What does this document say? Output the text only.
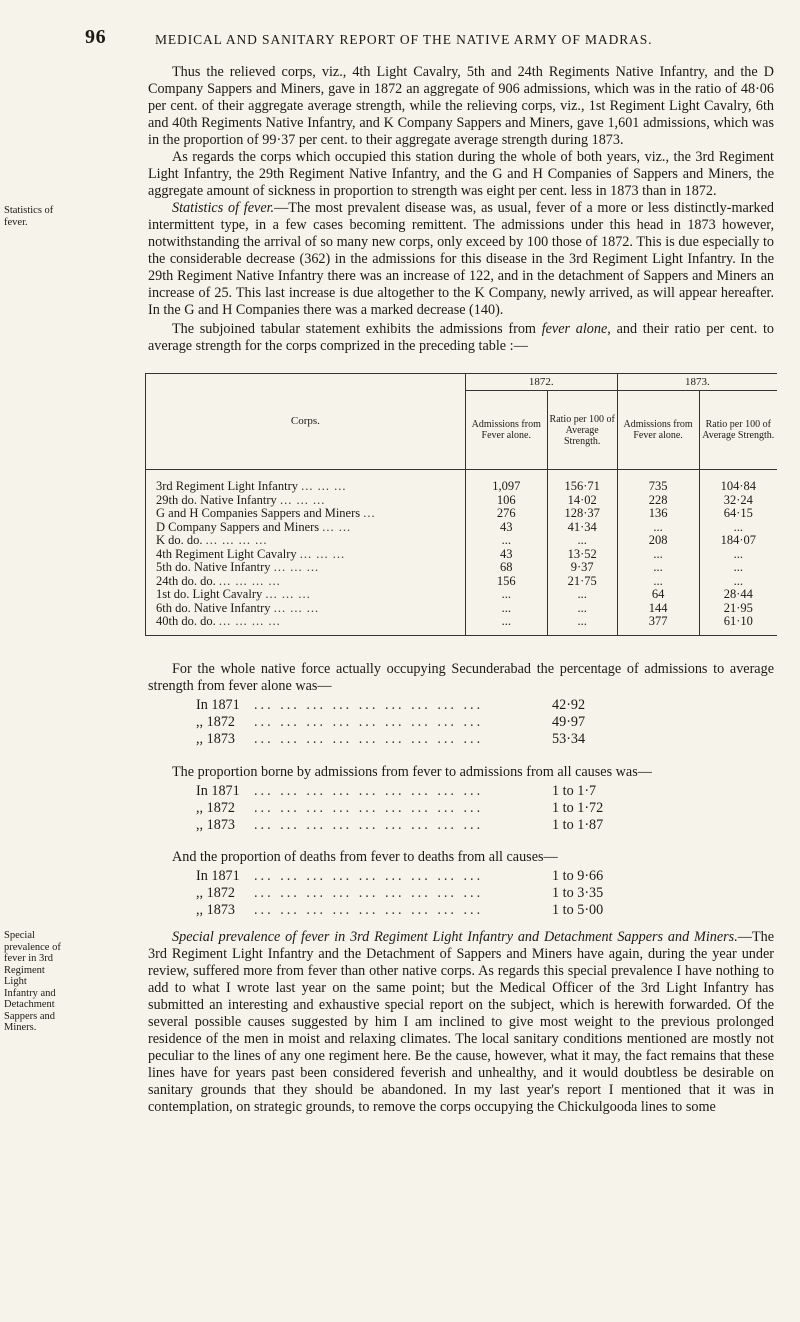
96	MEDICAL AND SANITARY REPORT OF THE NATIVE ARMY OF MADRAS.

Thus the relieved corps, viz., 4th Light Cavalry, 5th and 24th Regiments Native Infantry, and the D Company Sappers and Miners, gave in 1872 an aggregate of 906 admissions, which was in the ratio of 48·06 per cent. of their aggregate average strength, while the relieving corps, viz., 1st Regiment Light Cavalry, 6th and 40th Regiments Native Infantry, and K Company Sappers and Miners, gave 1,601 admissions, which was in the proportion of 99·37 per cent. to their aggregate average strength during 1873.

As regards the corps which occupied this station during the whole of both years, viz., the 3rd Regiment Light Infantry, the 29th Regiment Native Infantry, and the G and H Companies of Sappers and Miners, the aggregate amount of sickness in proportion to strength was eight per cent. less in 1873 than in 1872.

Statistics of fever.—The most prevalent disease was, as usual, fever of a more or less distinctly-marked intermittent type, in a few cases becoming remittent. The admissions under this head in 1873 however, notwithstanding the arrival of so many new corps, only exceed by 100 those of 1872. This is due especially to the considerable decrease (362) in the admissions for this disease in the 3rd Regiment Light Infantry. In the 29th Regiment Native Infantry there was an increase of 122, and in the detachment of Sappers and Miners an increase of 25. This last increase is due altogether to the K Company, newly arrived, as will appear hereafter. In the G and H Companies there was a marked decrease (140).

The subjoined tabular statement exhibits the admissions from fever alone, and their ratio per cent. to average strength for the corps comprized in the preceding table :—

Statistics of fever.
Corps.	1872.		1873.	
	Admissions from Fever alone.	Ratio per 100 of Average Strength.	Admissions from Fever alone.	Ratio per 100 of Average Strength.
3rd Regiment Light Infantry ... ... ...	1,097	156·71	735	104·84
29th do. Native Infantry ... ... ...	106	14·02	228	32·24
G and H Companies Sappers and Miners ...	276	128·37	136	64·15
D Company Sappers and Miners ... ...	43	41·34	...	...
K do. do. ... ... ... ...	...	...	208	184·07
4th Regiment Light Cavalry ... ... ...	43	13·52	...	...
5th do. Native Infantry ... ... ...	68	9·37	...	...
24th do. do. ... ... ... ...	156	21·75	...	...
1st do. Light Cavalry ... ... ...	...	...	64	28·44
6th do. Native Infantry ... ... ...	...	...	144	21·95
40th do. do. ... ... ... ...	...	...	377	61·10

For the whole native force actually occupying Secunderabad the percentage of admissions to average strength from fever alone was—

In 1871 ... ... ... ... ... ... ... ... ...	42·92
,, 1872 ... ... ... ... ... ... ... ... ...	49·97
,, 1873 ... ... ... ... ... ... ... ... ...	53·34

The proportion borne by admissions from fever to admissions from all causes was—

In 1871 ... ... ... ... ... ... ... ... ...	1 to 1·7
,, 1872 ... ... ... ... ... ... ... ... ...	1 to 1·72
,, 1873 ... ... ... ... ... ... ... ... ...	1 to 1·87

And the proportion of deaths from fever to deaths from all causes—

In 1871 ... ... ... ... ... ... ... ... ...	1 to 9·66
,, 1872 ... ... ... ... ... ... ... ... ...	1 to 3·35
,, 1873 ... ... ... ... ... ... ... ... ...	1 to 5·00
Special prevalence of fever in 3rd Regiment Light Infantry and Detachment Sappers and Miners.

Special prevalence of fever in 3rd Regiment Light Infantry and Detachment Sappers and Miners.—The 3rd Regiment Light Infantry and the Detachment of Sappers and Miners have again, during the year under review, suffered more from fever than other native corps. As regards this special prevalence I have nothing to add to what I wrote last year on the same point; but the Medical Officer of the 3rd Light Infantry has submitted an interesting and exhaustive special report on the subject, which is herewith forwarded. Of the several possible causes suggested by him I am inclined to give most weight to the previous prolonged residence of the men in moist and relaxing climates. The local sanitary conditions mentioned are mostly not peculiar to the lines of any one regiment here. Be the cause, however, what it may, the fact remains that these lines have for years past been considered feverish and unhealthy, and it would doubtless be desirable on sanitary grounds that they should be abandoned. In my last year's report I mentioned that it was in contemplation, on strategic grounds, to remove the corps occupying the Chickulgooda lines to some
